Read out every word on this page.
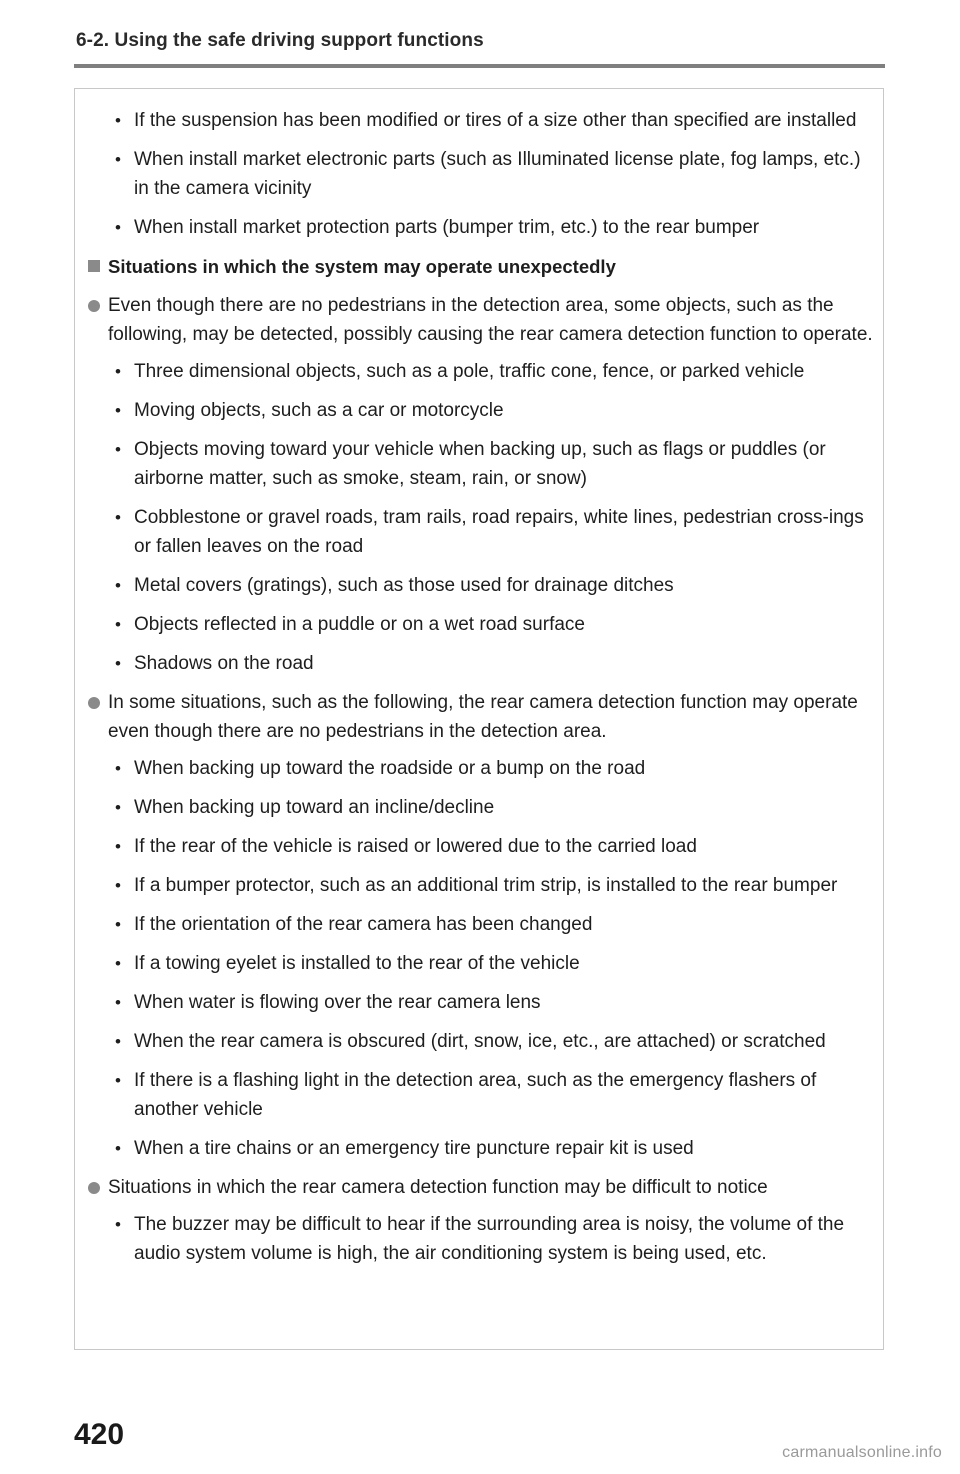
6-2. Using the safe driving support functions
• If the suspension has been modified or tires of a size other than specified are installed
• When install market electronic parts (such as Illuminated license plate, fog lamps, etc.) in the camera vicinity
• When install market protection parts (bumper trim, etc.) to the rear bumper
Situations in which the system may operate unexpectedly
Even though there are no pedestrians in the detection area, some objects, such as the following, may be detected, possibly causing the rear camera detection function to operate.
• Three dimensional objects, such as a pole, traffic cone, fence, or parked vehicle
• Moving objects, such as a car or motorcycle
• Objects moving toward your vehicle when backing up, such as flags or puddles (or airborne matter, such as smoke, steam, rain, or snow)
• Cobblestone or gravel roads, tram rails, road repairs, white lines, pedestrian cross-ings or fallen leaves on the road
• Metal covers (gratings), such as those used for drainage ditches
• Objects reflected in a puddle or on a wet road surface
• Shadows on the road
In some situations, such as the following, the rear camera detection function may operate even though there are no pedestrians in the detection area.
• When backing up toward the roadside or a bump on the road
• When backing up toward an incline/decline
• If the rear of the vehicle is raised or lowered due to the carried load
• If a bumper protector, such as an additional trim strip, is installed to the rear bumper
• If the orientation of the rear camera has been changed
• If a towing eyelet is installed to the rear of the vehicle
• When water is flowing over the rear camera lens
• When the rear camera is obscured (dirt, snow, ice, etc., are attached) or scratched
• If there is a flashing light in the detection area, such as the emergency flashers of another vehicle
• When a tire chains or an emergency tire puncture repair kit is used
Situations in which the rear camera detection function may be difficult to notice
• The buzzer may be difficult to hear if the surrounding area is noisy, the volume of the audio system volume is high, the air conditioning system is being used, etc.
420
carmanualsonline.info
